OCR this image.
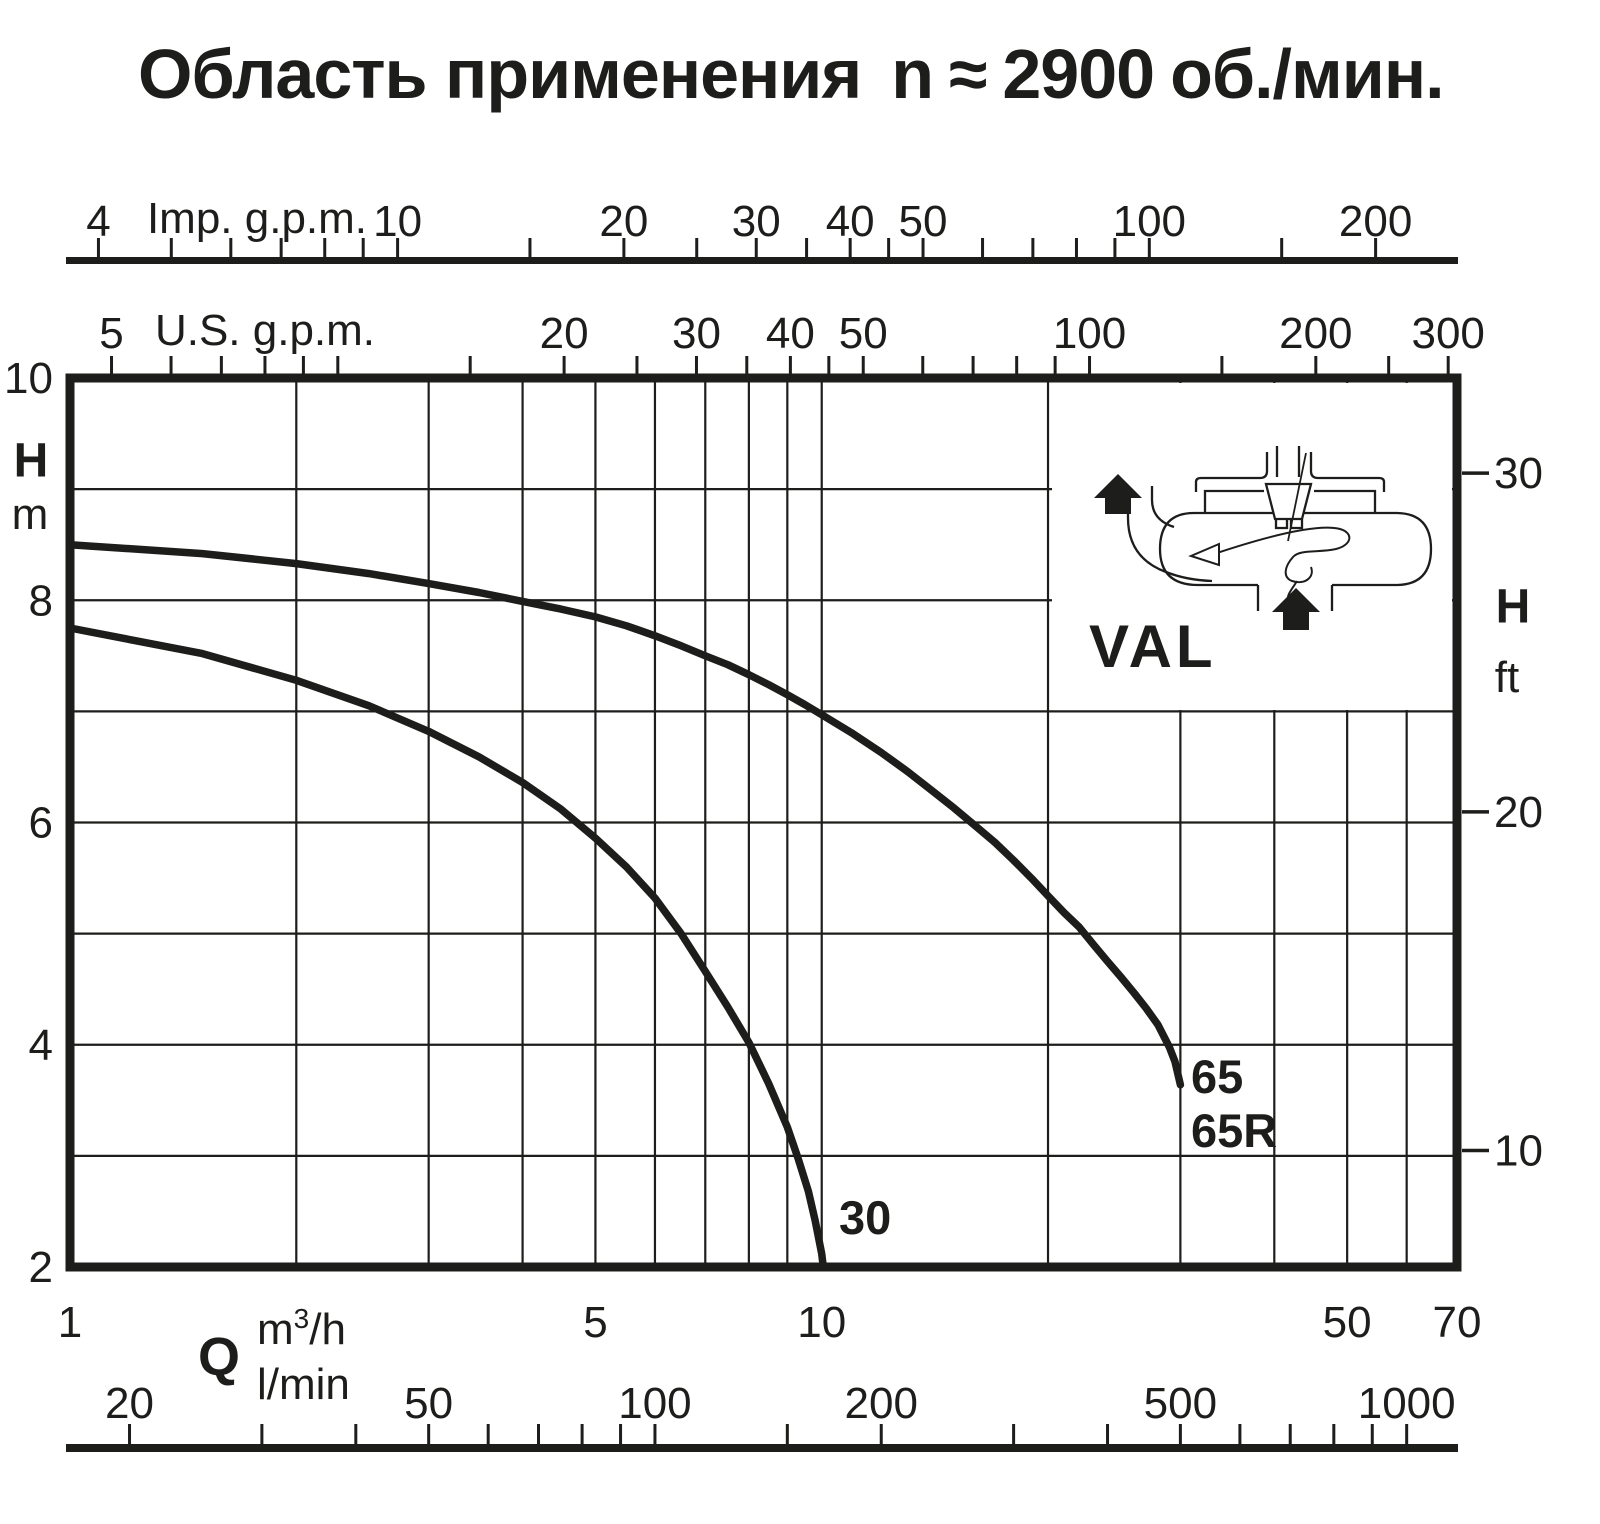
Область применения n ≈ 2900 об./мин.
4	10	20 30 40 50	100	200
5	20 30 40 50	100	200 300
10
8
6
4
2
30
20
10
1	5	10	50 70
20	50	100	200	500	1000
Imp. g.p.m.
U.S. g.p.m.
H
m
H
ft
Q $m^3/h$
l/min
VAL
65
65R
30
